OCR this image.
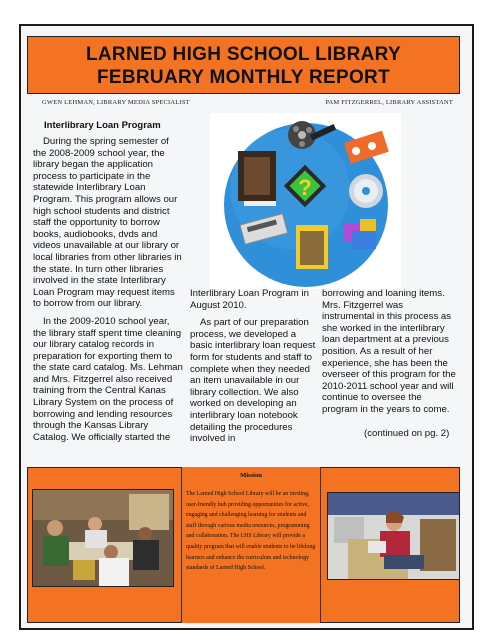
LARNED HIGH SCHOOL LIBRARY
FEBRUARY MONTHLY REPORT
GWEN LEHMAN, LIBRARY MEDIA SPECIALIST	PAM FITZGERREL, LIBRARY ASSISTANT
Interlibrary Loan Program

During the spring semester of the 2008-2009 school year, the library began the application process to participate in the statewide Interlibrary Loan Program. This program allows our high school students and district staff the opportunity to borrow books, audiobooks, dvds and videos unavailable at our library or local libraries from other libraries in the state. In turn other libraries involved in the state Interlibrary Loan Program may request items to borrow from our library.

In the 2009-2010 school year, the library staff spent time cleaning our library catalog records in preparation for exporting them to the state card catalog. Ms. Lehman and Mrs. Fitzgerrel also received training from the Central Kanas Library System on the process of borrowing and lending resources through the Kansas Library Catalog. We officially started the

?

Interlibrary Loan Program in August 2010.

As part of our preparation process, we developed a basic interlibrary loan request form for students and staff to complete when they needed an item unavailable in our library collection. We also worked on developing an interlibrary loan notebook detailing the procedures involved in

borrowing and loaning items. Mrs. Fitzgerrel was instrumental in this process as she worked in the interlibrary loan department at a previous position. As a result of her experience, she has been the overseer of this program for the 2010-2011 school year and will continue to oversee the program in the years to come.

(continued on pg. 2)
Mission
The Larned High School Library will be an inviting, user-friendly hub providing opportunities for active, engaging and challenging learning for students and staff through various media resources, programming and collaboration. The LHS Library will provide a quality program that will enable students to be lifelong learners and enhance the curriculum and technology standards of Larned High School.
